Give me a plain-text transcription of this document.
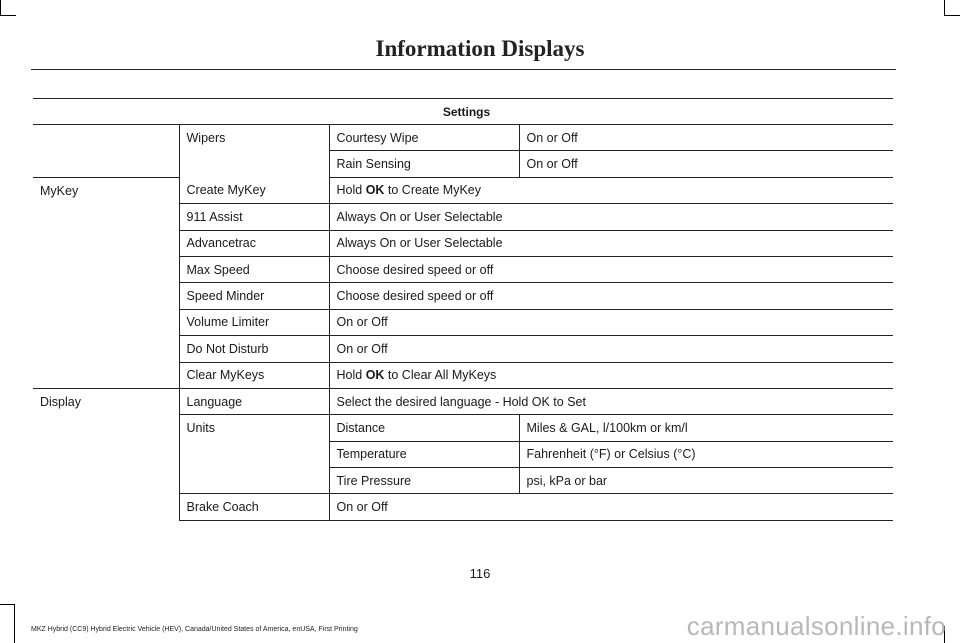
Information Displays
Settings			
	Wipers	Courtesy Wipe	On or Off
		Rain Sensing	On or Off
MyKey	Create MyKey	Hold OK to Create MyKey	
	911 Assist	Always On or User Selectable	
	Advancetrac	Always On or User Selectable	
	Max Speed	Choose desired speed or off	
	Speed Minder	Choose desired speed or off	
	Volume Limiter	On or Off	
	Do Not Disturb	On or Off	
	Clear MyKeys	Hold OK to Clear All MyKeys	
Display	Language	Select the desired language - Hold OK to Set	
	Units	Distance	Miles & GAL, l/100km or km/l
		Temperature	Fahrenheit (°F) or Celsius (°C)
		Tire Pressure	psi, kPa or bar
	Brake Coach	On or Off	
116
MKZ Hybrid (CC9) Hybrid Electric Vehicle (HEV), Canada/United States of America, enUSA, First Printing	carmanualsonline.info
